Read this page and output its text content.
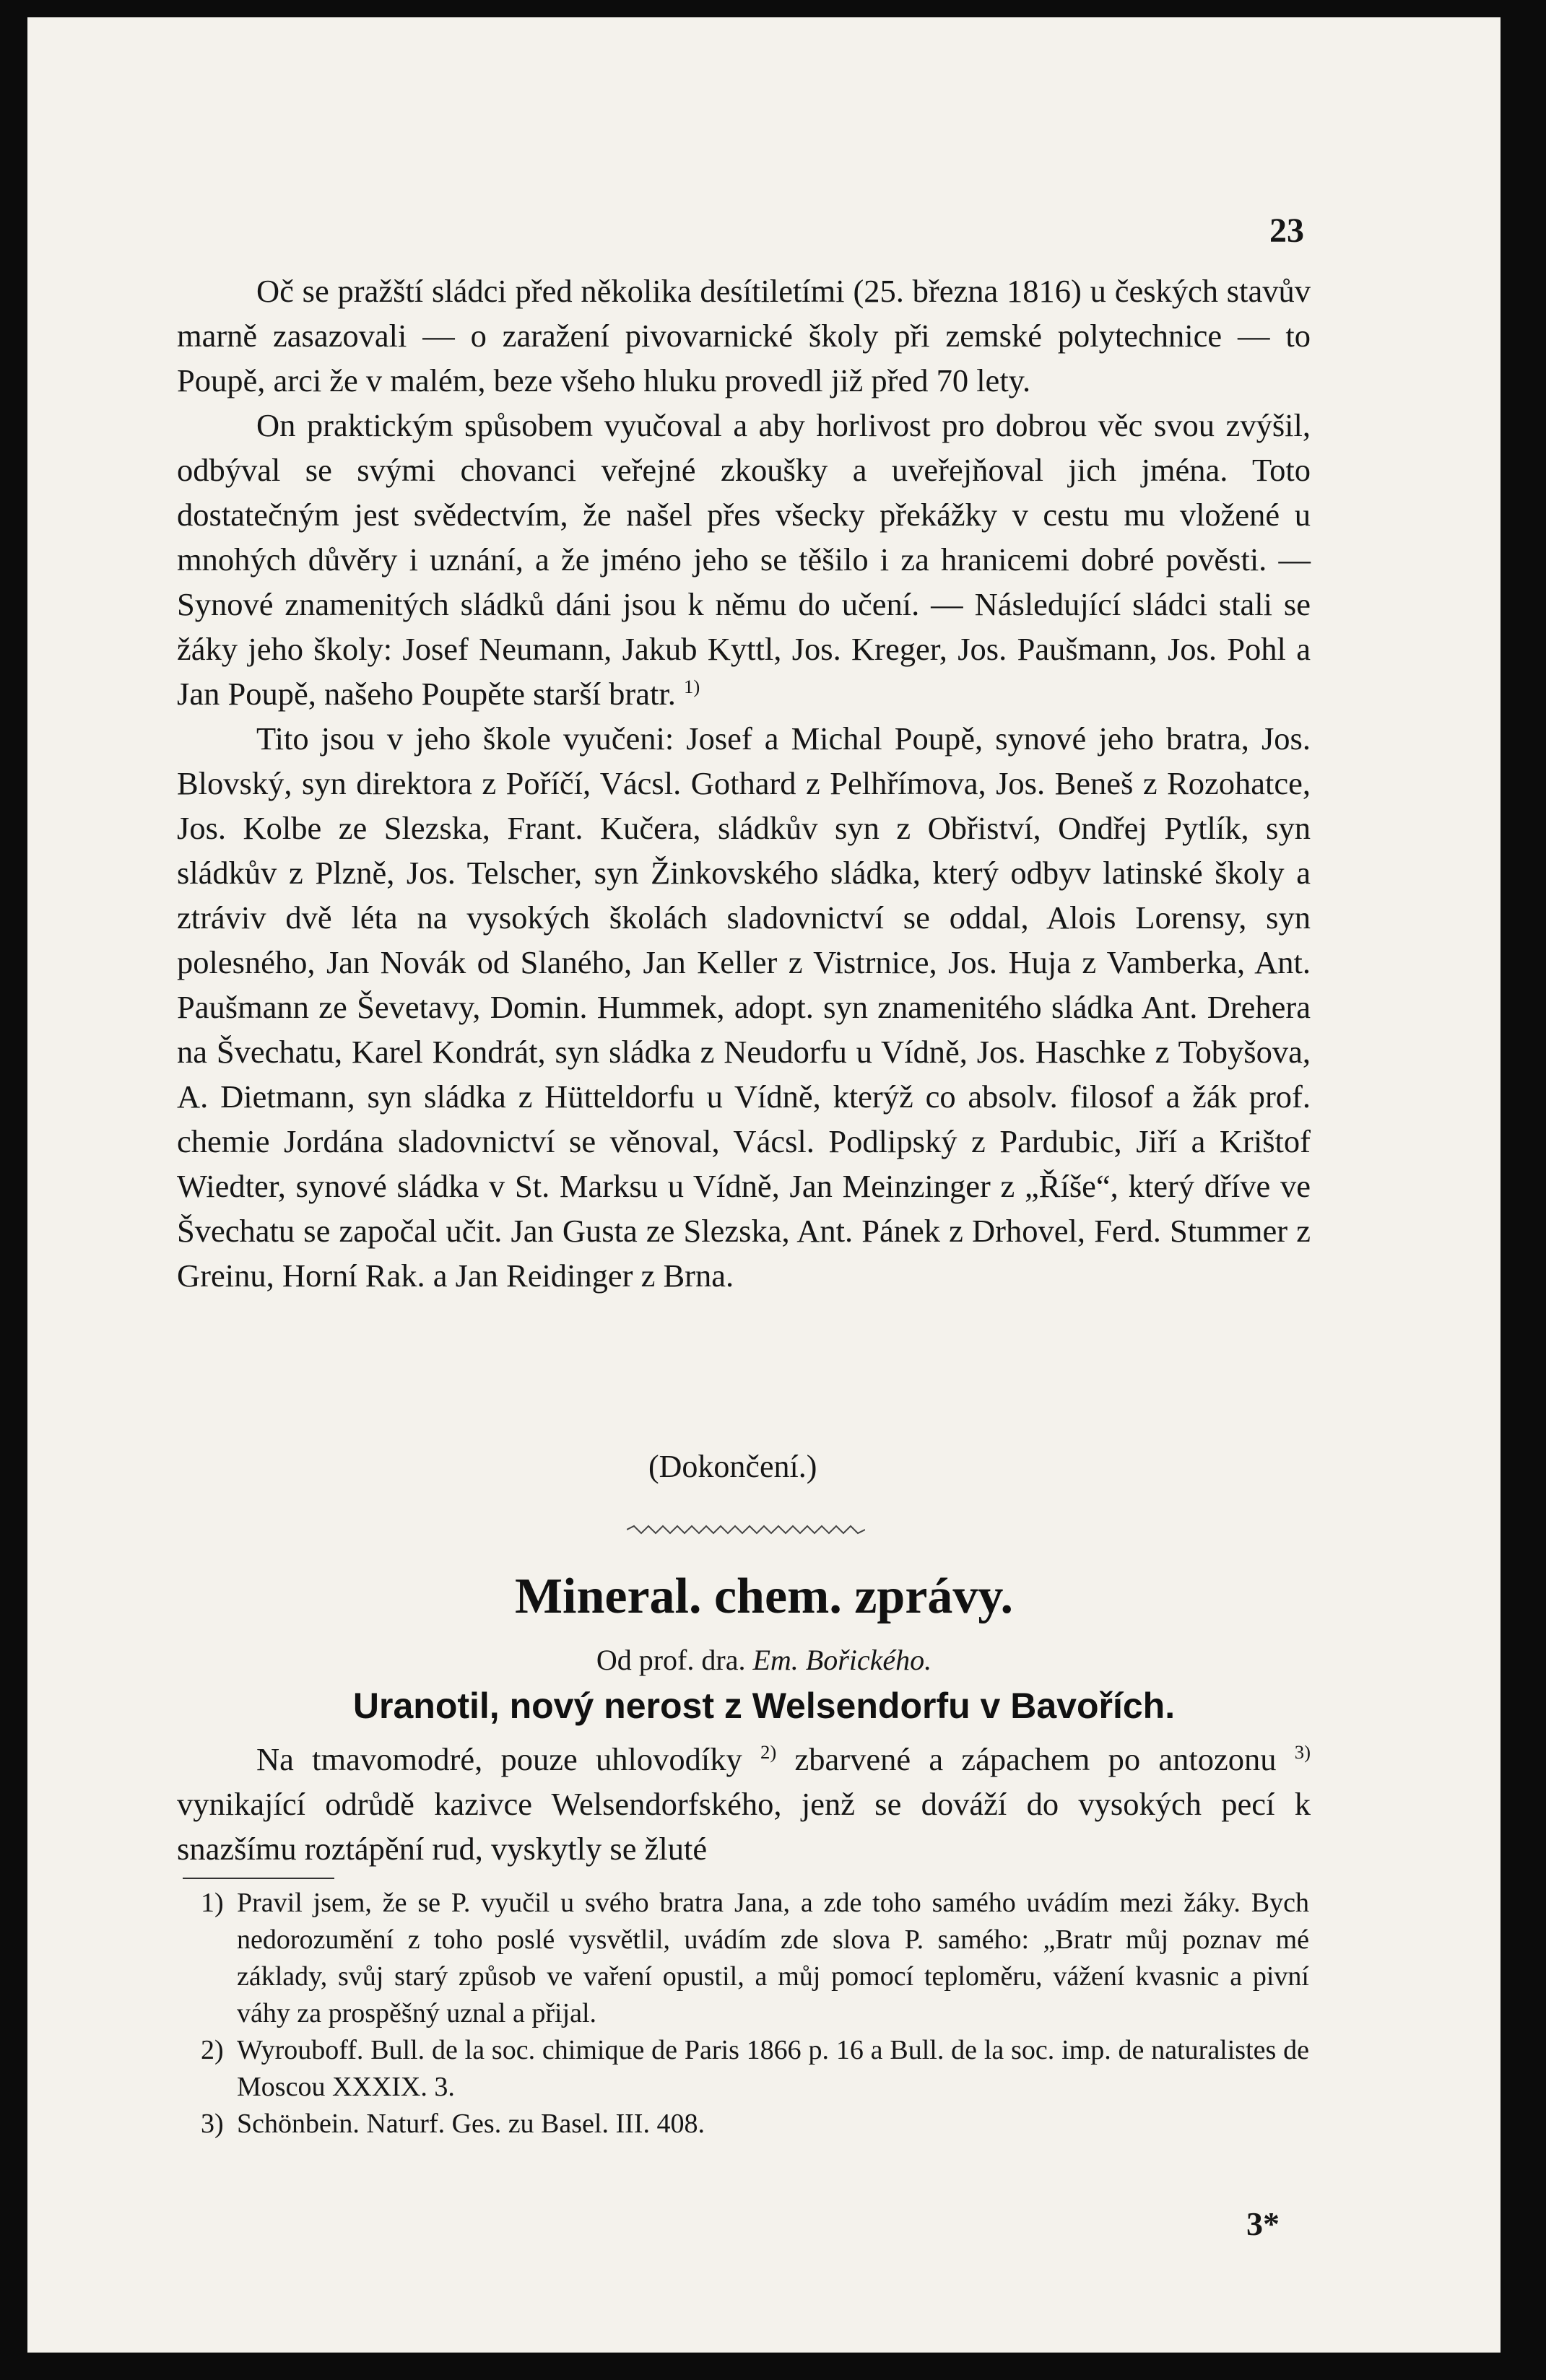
23

Oč se pražští sládci před několika desítiletími (25. března 1816) u českých stavův marně zasazovali — o zaražení pivovarnické školy při zemské polytechnice — to Poupě, arci že v malém, beze všeho hluku provedl již před 70 lety.

On praktickým spůsobem vyučoval a aby horlivost pro dobrou věc svou zvýšil, odbýval se svými chovanci veřejné zkoušky a uveřejňoval jich jména. Toto dostatečným jest svědectvím, že našel přes všecky překážky v cestu mu vložené u mnohých důvěry i uznání, a že jméno jeho se těšilo i za hranicemi dobré pověsti. — Synové znamenitých sládků dáni jsou k němu do učení. — Následující sládci stali se žáky jeho školy: Josef Neumann, Jakub Kyttl, Jos. Kreger, Jos. Paušmann, Jos. Pohl a Jan Poupě, našeho Poupěte starší bratr. $^{1)}$

Tito jsou v jeho škole vyučeni: Josef a Michal Poupě, synové jeho bratra, Jos. Blovský, syn direktora z Poříčí, Vácsl. Gothard z Pelhřímova, Jos. Beneš z Rozohatce, Jos. Kolbe ze Slezska, Frant. Kučera, sládkův syn z Obřiství, Ondřej Pytlík, syn sládkův z Plzně, Jos. Telscher, syn Žinkovského sládka, který odbyv latinské školy a ztráviv dvě léta na vysokých školách sladovnictví se oddal, Alois Lorensy, syn polesného, Jan Novák od Slaného, Jan Keller z Vistrnice, Jos. Huja z Vamberka, Ant. Paušmann ze Ševetavy, Domin. Hummek, adopt. syn znamenitého sládka Ant. Drehera na Švechatu, Karel Kondrát, syn sládka z Neudorfu u Vídně, Jos. Haschke z Tobyšova, A. Dietmann, syn sládka z Hütteldorfu u Vídně, kterýž co absolv. filosof a žák prof. chemie Jordána sladovnictví se věnoval, Vácsl. Podlipský z Pardubic, Jiří a Krištof Wiedter, synové sládka v St. Marksu u Vídně, Jan Meinzinger z „Říše“, který dříve ve Švechatu se započal učit. Jan Gusta ze Slezska, Ant. Pánek z Drhovel, Ferd. Stummer z Greinu, Horní Rak. a Jan Reidinger z Brna.

(Dokončení.)
Mineral. chem. zprávy.
Od prof. dra. Em. Bořického.
Uranotil, nový nerost z Welsendorfu v Bavořích.
Na tmavomodré, pouze uhlovodíky $^{2)}$ zbarvené a zápachem po antozonu $^{3)}$ vynikající odrůdě kazivce Welsendorfského, jenž se dováží do vysokých pecí k snazšímu roztápění rud, vyskytly se žluté
1) Pravil jsem, že se P. vyučil u svého bratra Jana, a zde toho samého uvádím mezi žáky. Bych nedorozumění z toho poslé vysvětlil, uvádím zde slova P. samého: „Bratr můj poznav mé základy, svůj starý způsob ve vaření opustil, a můj pomocí teploměru, vážení kvasnic a pivní váhy za prospěšný uznal a přijal.
2) Wyrouboff. Bull. de la soc. chimique de Paris 1866 p. 16 a Bull. de la soc. imp. de naturalistes de Moscou XXXIX. 3.
3) Schönbein. Naturf. Ges. zu Basel. III. 408.
3*
